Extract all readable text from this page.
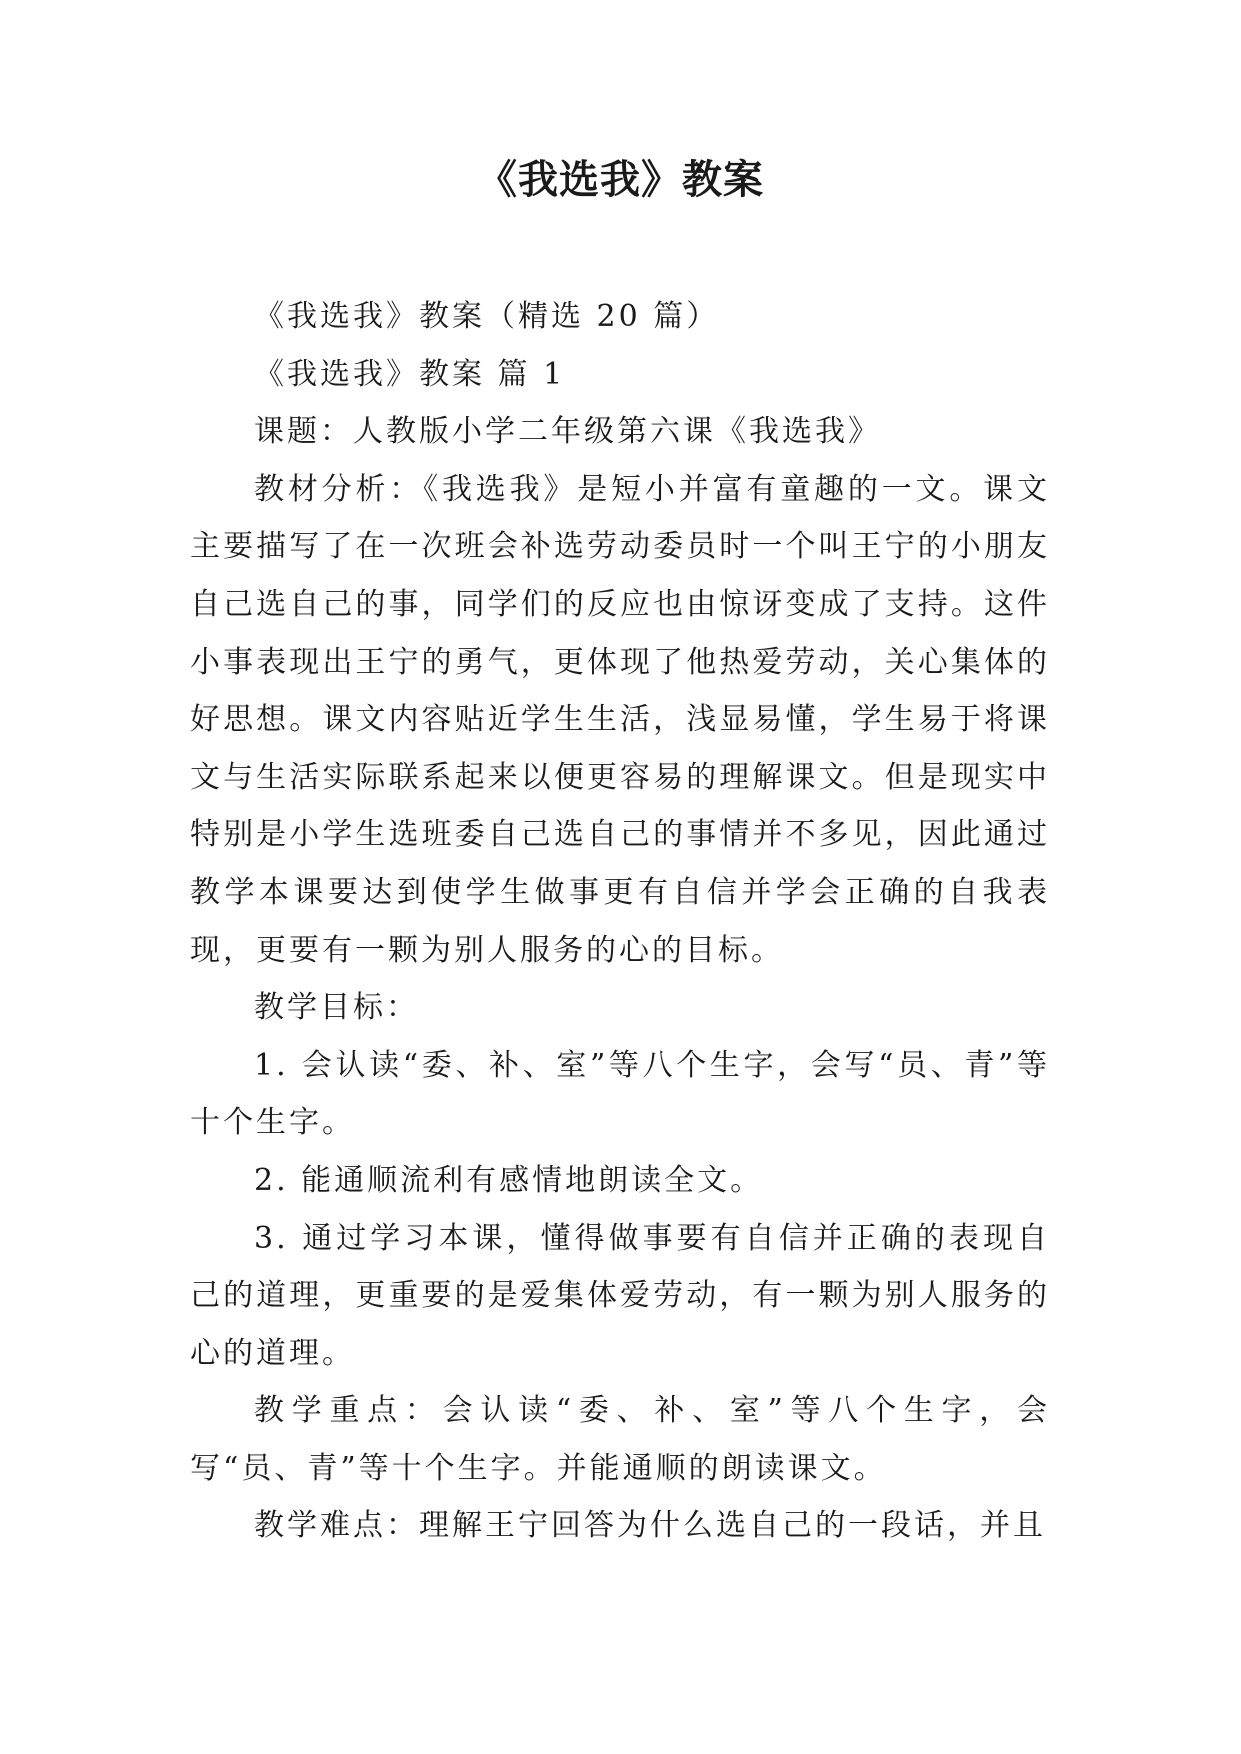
《我选我》教案

《我选我》教案（精选 20 篇）

《我选我》教案 篇 1

课题：人教版小学二年级第六课《我选我》

教材分析：《我选我》是短小并富有童趣的一文。课文主要描写了在一次班会补选劳动委员时一个叫王宁的小朋友自己选自己的事，同学们的反应也由惊讶变成了支持。这件小事表现出王宁的勇气，更体现了他热爱劳动，关心集体的好思想。课文内容贴近学生生活，浅显易懂，学生易于将课文与生活实际联系起来以便更容易的理解课文。但是现实中特别是小学生选班委自己选自己的事情并不多见，因此通过教学本课要达到使学生做事更有自信并学会正确的自我表现，更要有一颗为别人服务的心的目标。

教学目标：

1. 会认读“委、补、室”等八个生字，会写“员、青”等十个生字。

2. 能通顺流利有感情地朗读全文。

3. 通过学习本课，懂得做事要有自信并正确的表现自己的道理，更重要的是爱集体爱劳动，有一颗为别人服务的心的道理。

教学重点：会认读“委、补、室”等八个生字，会写“员、青”等十个生字。并能通顺的朗读课文。

教学难点：理解王宁回答为什么选自己的一段话，并且
